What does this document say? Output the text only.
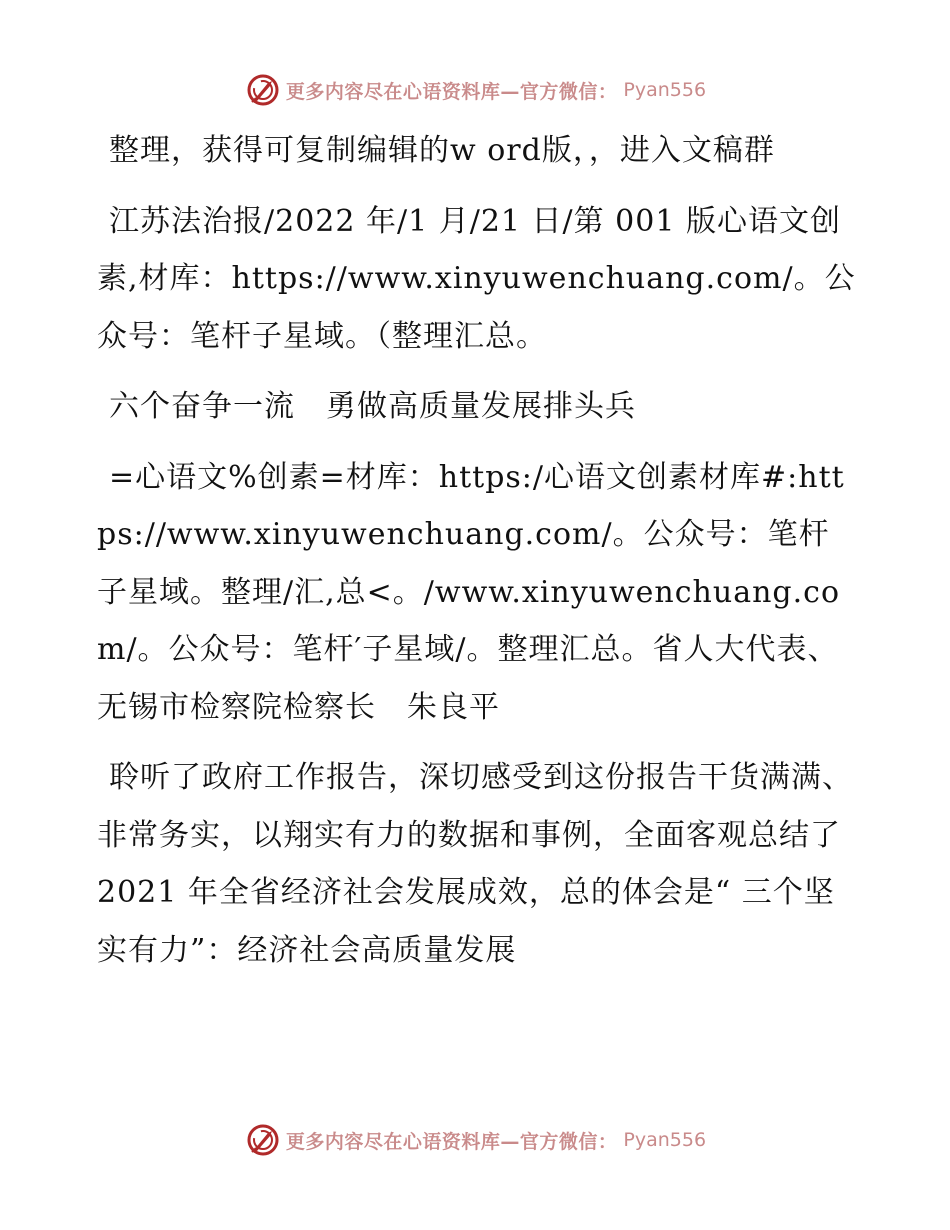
更多内容尽在心语资料库—官方微信： Pyan556

整理，获得可复制编辑的w ord版，，进入文稿群

江苏法治报/2022 年/1 月/21 日/第 001 版心语文创素,材库：https://www.xinyuwenchuang.com/。公众号：笔杆子星域。（整理汇总。

六个奋争一流　勇做高质量发展排头兵

=心语文%创素=材库：https:/心语文创素材库#:https://www.xinyuwenchuang.com/。公众号：笔杆子星域。整理/汇,总<。/www.xinyuwenchuang.com/。公众号：笔杆′子星域/。整理汇总。省人大代表、无锡市检察院检察长　朱良平

聆听了政府工作报告，深切感受到这份报告干货满满、非常务实，以翔实有力的数据和事例，全面客观总结了 2021 年全省经济社会发展成效，总的体会是“ 三个坚实有力”：经济社会高质量发展

更多内容尽在心语资料库—官方微信： Pyan556
